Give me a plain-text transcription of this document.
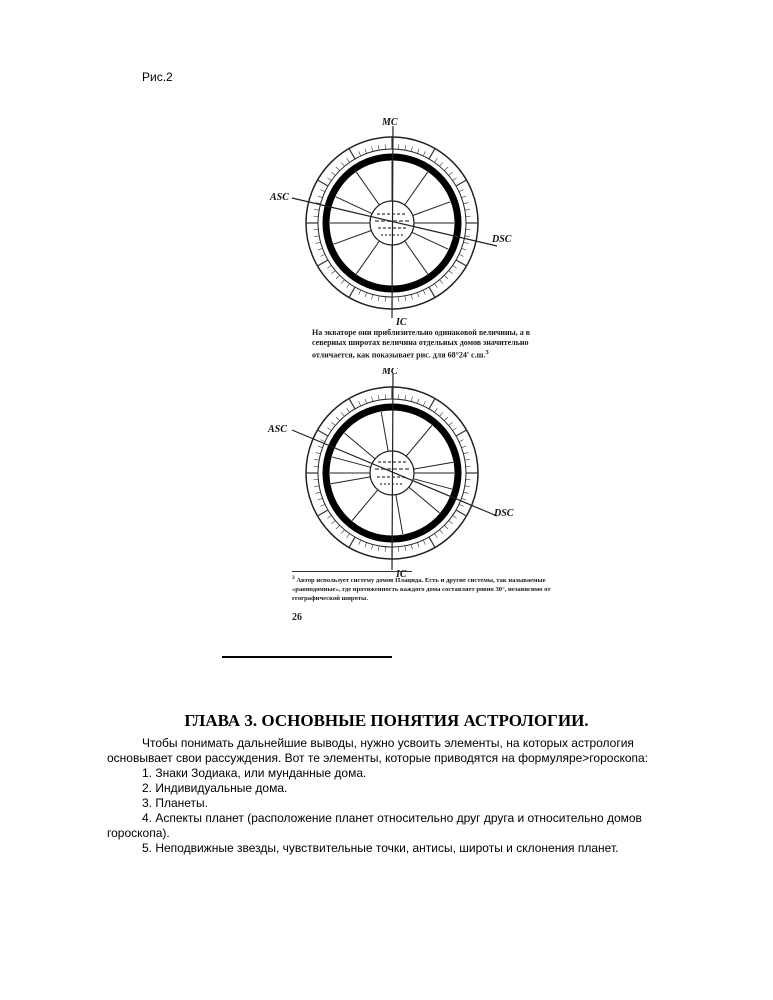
Рис.2
MC
ASC
DSC
IC
На экваторе они приблизительно одинаковой величины, а в северных широтах величина отдельных домов значительно отличается, как показывает рис. для 68°24' с.ш.$^3$
MC
ASC
DSC
IC
$^3$ Автор использует систему домов Плацида. Есть и другие системы, так называемые «равнодомные», где протяженность каждого дома составляет ровно 30°, независимо от географической широты.
26
ГЛАВА 3. ОСНОВНЫЕ ПОНЯТИЯ АСТРОЛОГИИ.

Чтобы понимать дальнейшие выводы, нужно усвоить элементы, на которых астрология основывает свои рассуждения. Вот те элементы, которые приводятся на формуляре>гороскопа:

1. Знаки Зодиака, или мунданные дома.
2. Индивидуальные дома.
3. Планеты.
4. Аспекты планет (расположение планет относительно друг друга и относительно домов гороскопа).
5. Неподвижные звезды, чувствительные точки, антисы, широты и склонения планет.
